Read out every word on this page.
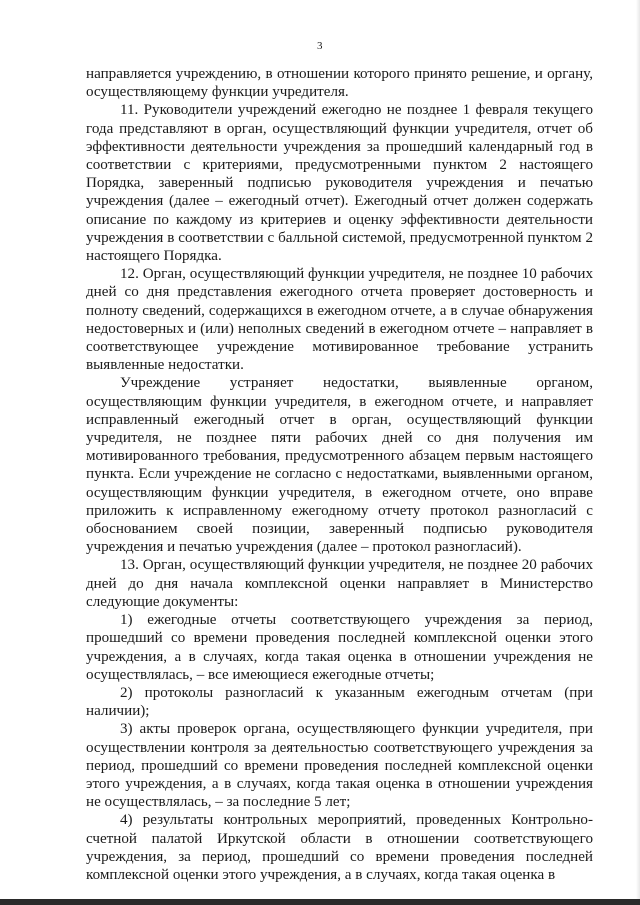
3

направляется учреждению, в отношении которого принято решение, и органу, осуществляющему функции учредителя.

11. Руководители учреждений ежегодно не позднее 1 февраля текущего года представляют в орган, осуществляющий функции учредителя, отчет об эффективности деятельности учреждения за прошедший календарный год в соответствии с критериями, предусмотренными пунктом 2 настоящего Порядка, заверенный подписью руководителя учреждения и печатью учреждения (далее – ежегодный отчет). Ежегодный отчет должен содержать описание по каждому из критериев и оценку эффективности деятельности учреждения в соответствии с балльной системой, предусмотренной пунктом 2 настоящего Порядка.

12. Орган, осуществляющий функции учредителя, не позднее 10 рабочих дней со дня представления ежегодного отчета проверяет достоверность и полноту сведений, содержащихся в ежегодном отчете, а в случае обнаружения недостоверных и (или) неполных сведений в ежегодном отчете – направляет в соответствующее учреждение мотивированное требование устранить выявленные недостатки.

Учреждение устраняет недостатки, выявленные органом, осуществляющим функции учредителя, в ежегодном отчете, и направляет исправленный ежегодный отчет в орган, осуществляющий функции учредителя, не позднее пяти рабочих дней со дня получения им мотивированного требования, предусмотренного абзацем первым настоящего пункта. Если учреждение не согласно с недостатками, выявленными органом, осуществляющим функции учредителя, в ежегодном отчете, оно вправе приложить к исправленному ежегодному отчету протокол разногласий с обоснованием своей позиции, заверенный подписью руководителя учреждения и печатью учреждения (далее – протокол разногласий).

13. Орган, осуществляющий функции учредителя, не позднее 20 рабочих дней до дня начала комплексной оценки направляет в Министерство следующие документы:

1) ежегодные отчеты соответствующего учреждения за период, прошедший со времени проведения последней комплексной оценки этого учреждения, а в случаях, когда такая оценка в отношении учреждения не осуществлялась, – все имеющиеся ежегодные отчеты;

2) протоколы разногласий к указанным ежегодным отчетам (при наличии);

3) акты проверок органа, осуществляющего функции учредителя, при осуществлении контроля за деятельностью соответствующего учреждения за период, прошедший со времени проведения последней комплексной оценки этого учреждения, а в случаях, когда такая оценка в отношении учреждения не осуществлялась, – за последние 5 лет;

4) результаты контрольных мероприятий, проведенных Контрольно-счетной палатой Иркутской области в отношении соответствующего учреждения, за период, прошедший со времени проведения последней комплексной оценки этого учреждения, а в случаях, когда такая оценка в
